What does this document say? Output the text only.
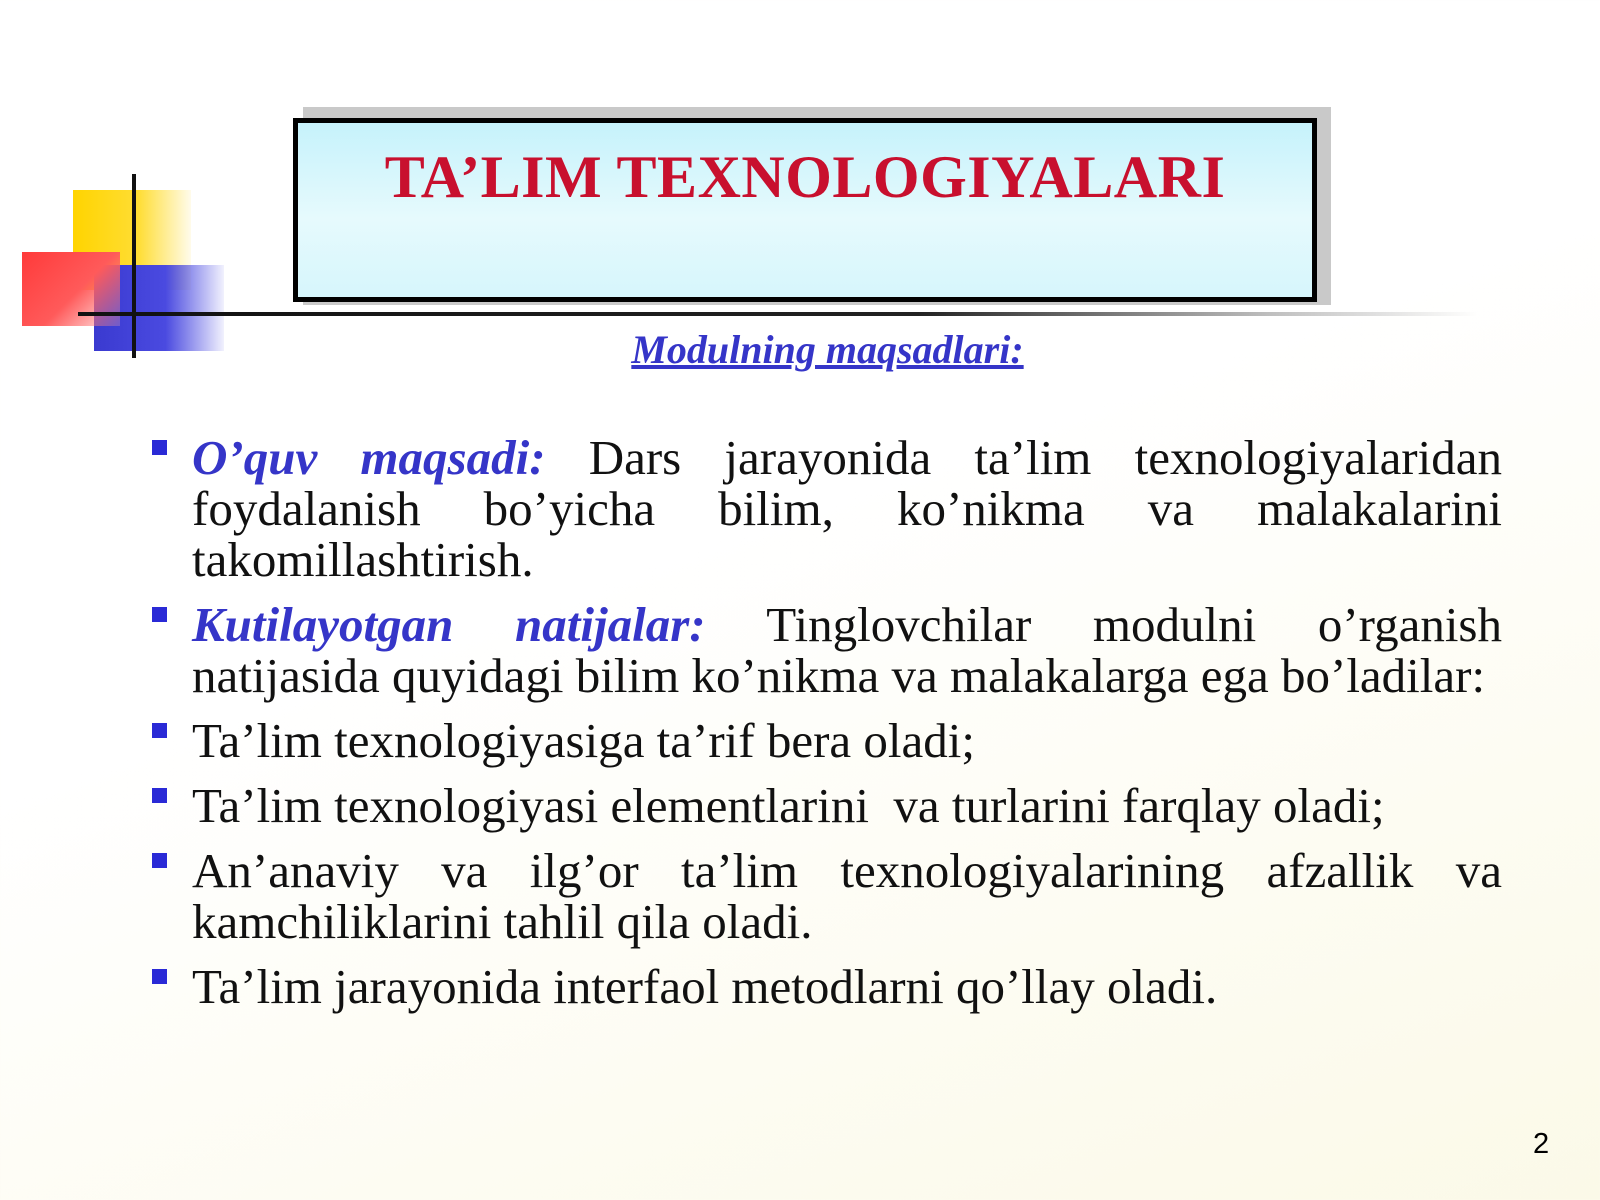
TA’LIM TEXNOLOGIYALARI

Modulning maqsadlari:

O’quv maqsadi: Dars jarayonida ta’lim texnologiyalaridan foydalanish bo’yicha bilim, ko’nikma va malakalarini takomillashtirish.
Kutilayotgan natijalar: Tinglovchilar modulni o’rganish natijasida quyidagi bilim ko’nikma va malakalarga ega bo’ladilar:
Ta’lim texnologiyasiga ta’rif bera oladi;
Ta’lim texnologiyasi elementlarini  va turlarini farqlay oladi;
An’anaviy va ilg’or ta’lim texnologiyalarining afzallik va kamchiliklarini tahlil qila oladi.
Ta’lim jarayonida interfaol metodlarni qo’llay oladi.
2
